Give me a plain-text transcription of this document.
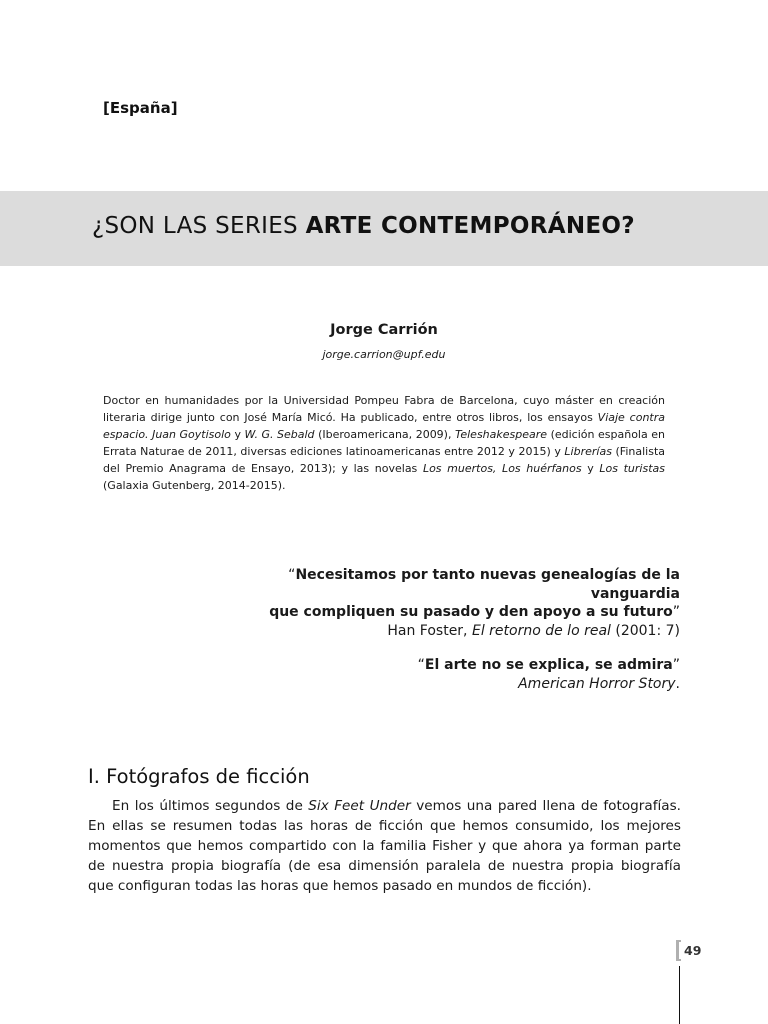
[España]
¿SON LAS SERIES ARTE CONTEMPORÁNEO?
Jorge Carrión
jorge.carrion@upf.edu

Doctor en humanidades por la Universidad Pompeu Fabra de Barcelona, cuyo máster en creación literaria dirige junto con José María Micó. Ha publicado, entre otros libros, los ensayos Viaje contra espacio. Juan Goytisolo y W. G. Sebald (Iberoamericana, 2009), Teleshakespeare (edición española en Errata Naturae de 2011, diversas ediciones latinoamericanas entre 2012 y 2015) y Librerías (Finalista del Premio Anagrama de Ensayo, 2013); y las novelas Los muertos, Los huérfanos y Los turistas (Galaxia Gutenberg, 2014-2015).

“Necesitamos por tanto nuevas genealogías de la vanguardia
que compliquen su pasado y den apoyo a su futuro”
Han Foster, El retorno de lo real (2001: 7)

“El arte no se explica, se admira”
American Horror Story.

I. Fotógrafos de ficción

En los últimos segundos de Six Feet Under vemos una pared llena de fotografías. En ellas se resumen todas las horas de ficción que hemos consumido, los mejores momentos que hemos compartido con la familia Fisher y que ahora ya forman parte de nuestra propia biografía (de esa dimensión paralela de nuestra propia biografía que configuran todas las horas que hemos pasado en mundos de ficción).

49
